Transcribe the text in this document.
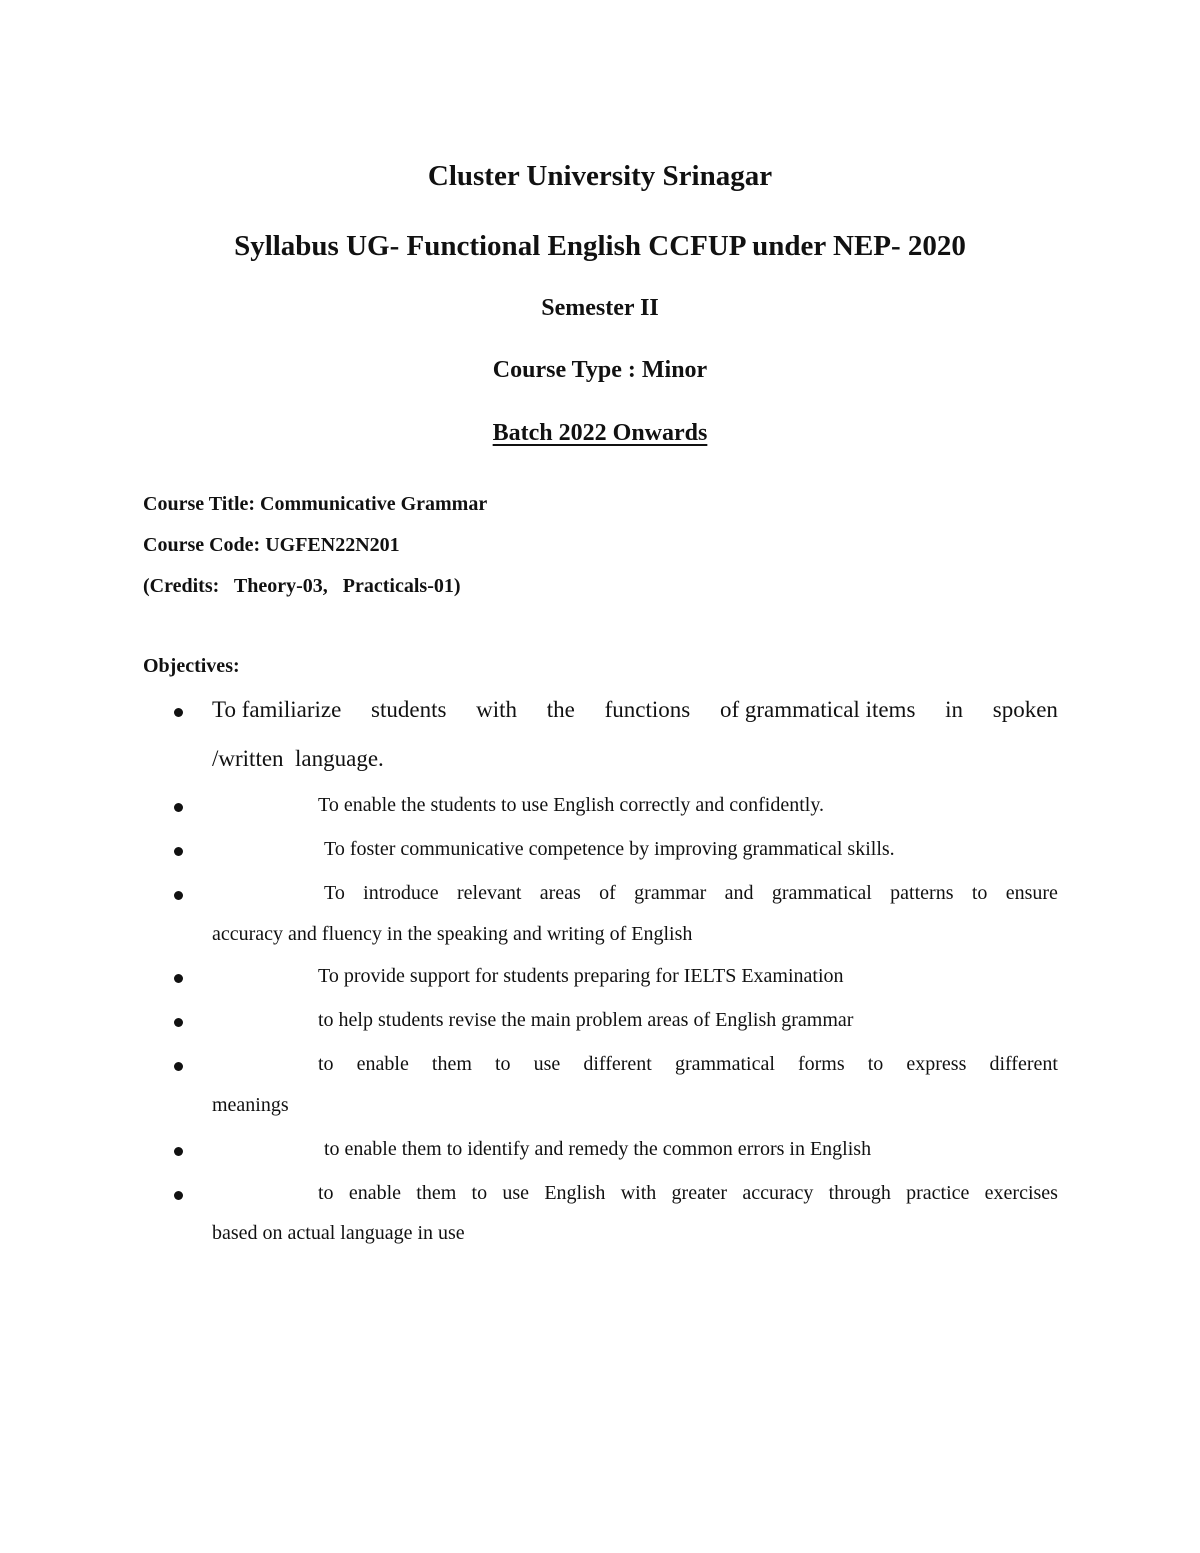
Cluster University Srinagar
Syllabus UG- Functional English CCFUP under NEP- 2020
Semester II
Course Type : Minor
Batch 2022 Onwards
Course Title: Communicative Grammar
Course Code: UGFEN22N201
(Credits:   Theory-03,   Practicals-01)
Objectives:
To familiarize students with the functions of grammatical items in spoken
/written  language.
To enable the students to use English correctly and confidently.
To foster communicative competence by improving grammatical skills.
To introduce relevant areas of grammar and grammatical patterns to ensure
accuracy and fluency in the speaking and writing of English
To provide support for students preparing for IELTS Examination
to help students revise the main problem areas of English grammar
to enable them to use different grammatical forms to express different
meanings
to enable them to identify and remedy the common errors in English
to enable them to use English with greater accuracy through practice exercises
based on actual language in use
